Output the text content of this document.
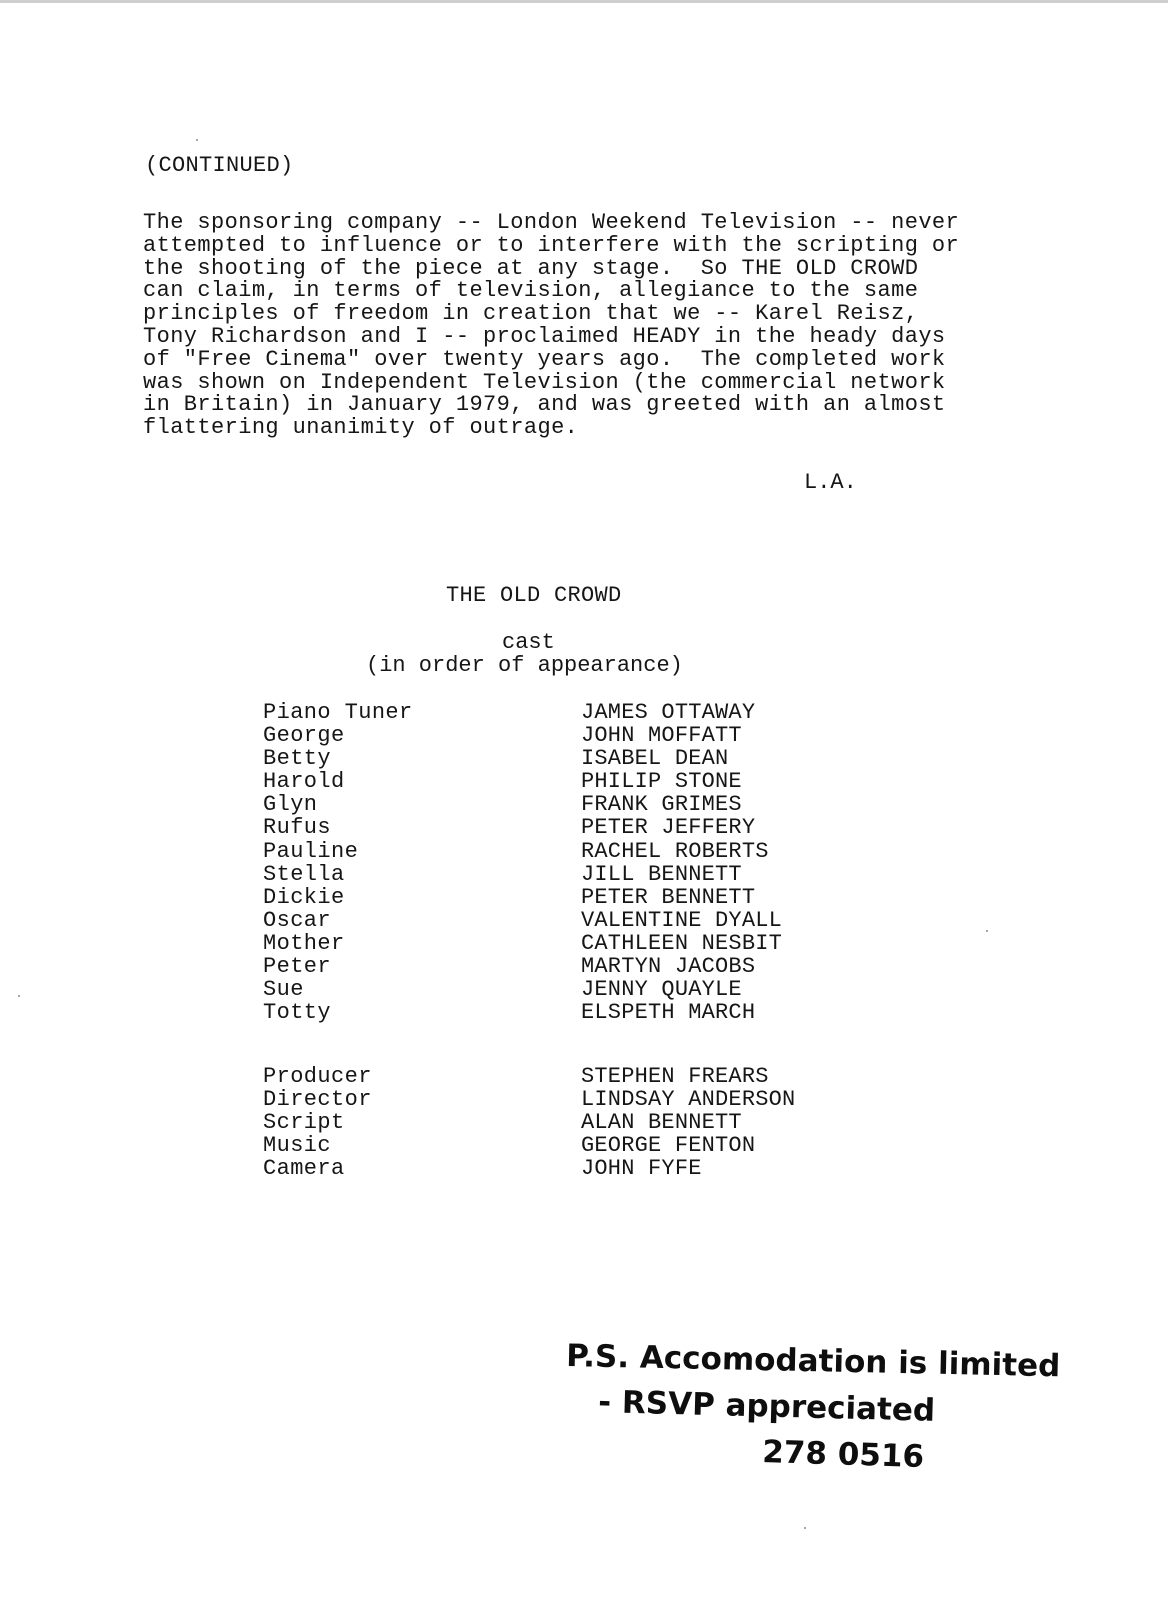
(CONTINUED)
The sponsoring company -- London Weekend Television -- never
attempted to influence or to interfere with the scripting or
the shooting of the piece at any stage.  So THE OLD CROWD
can claim, in terms of television, allegiance to the same
principles of freedom in creation that we -- Karel Reisz,
Tony Richardson and I -- proclaimed HEADY in the heady days
of "Free Cinema" over twenty years ago.  The completed work
was shown on Independent Television (the commercial network
in Britain) in January 1979, and was greeted with an almost
flattering unanimity of outrage.
L.A.
THE OLD CROWD
cast
(in order of appearance)
Piano Tuner	JAMES OTTAWAY
George	JOHN MOFFATT
Betty	ISABEL DEAN
Harold	PHILIP STONE
Glyn	FRANK GRIMES
Rufus	PETER JEFFERY
Pauline	RACHEL ROBERTS
Stella	JILL BENNETT
Dickie	PETER BENNETT
Oscar	VALENTINE DYALL
Mother	CATHLEEN NESBIT
Peter	MARTYN JACOBS
Sue	JENNY QUAYLE
Totty	ELSPETH MARCH
Producer	STEPHEN FREARS
Director	LINDSAY ANDERSON
Script	ALAN BENNETT
Music	GEORGE FENTON
Camera	JOHN FYFE
P.S. Accomodation is limited
- RSVP appreciated
278 0516
